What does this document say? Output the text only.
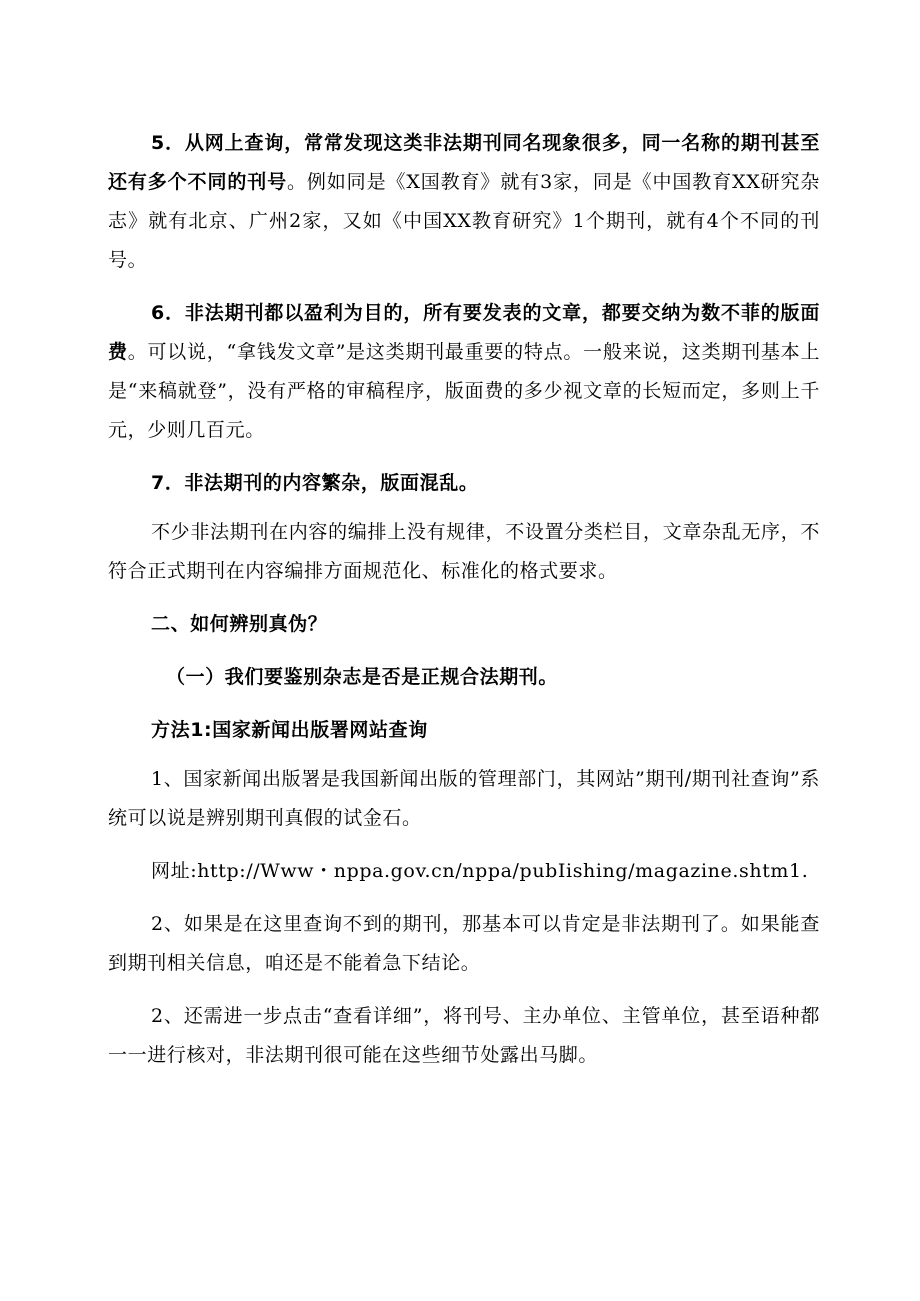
5．从网上查询，常常发现这类非法期刊同名现象很多，同一名称的期刊甚至还有多个不同的刊号。例如同是《X国教育》就有3家，同是《中国教育XX研究杂志》就有北京、广州2家，又如《中国XX教育研究》1个期刊，就有4个不同的刊号。

6．非法期刊都以盈利为目的，所有要发表的文章，都要交纳为数不菲的版面费。可以说，“拿钱发文章”是这类期刊最重要的特点。一般来说，这类期刊基本上是“来稿就登”，没有严格的审稿程序，版面费的多少视文章的长短而定，多则上千元，少则几百元。

7．非法期刊的内容繁杂，版面混乱。

不少非法期刊在内容的编排上没有规律，不设置分类栏目，文章杂乱无序，不符合正式期刊在内容编排方面规范化、标准化的格式要求。

二、如何辨别真伪？

（一）我们要鉴别杂志是否是正规合法期刊。

方法1:国家新闻出版署网站查询

1、国家新闻出版署是我国新闻出版的管理部门，其网站”期刊/期刊社查询”系统可以说是辨别期刊真假的试金石。

网址:http://Www・nppa.gov.cn∕nppa∕pubIishing/magazine.shtm1.

2、如果是在这里查询不到的期刊，那基本可以肯定是非法期刊了。如果能查到期刊相关信息，咱还是不能着急下结论。

2、还需进一步点击“查看详细”，将刊号、主办单位、主管单位，甚至语种都一一进行核对，非法期刊很可能在这些细节处露出马脚。
